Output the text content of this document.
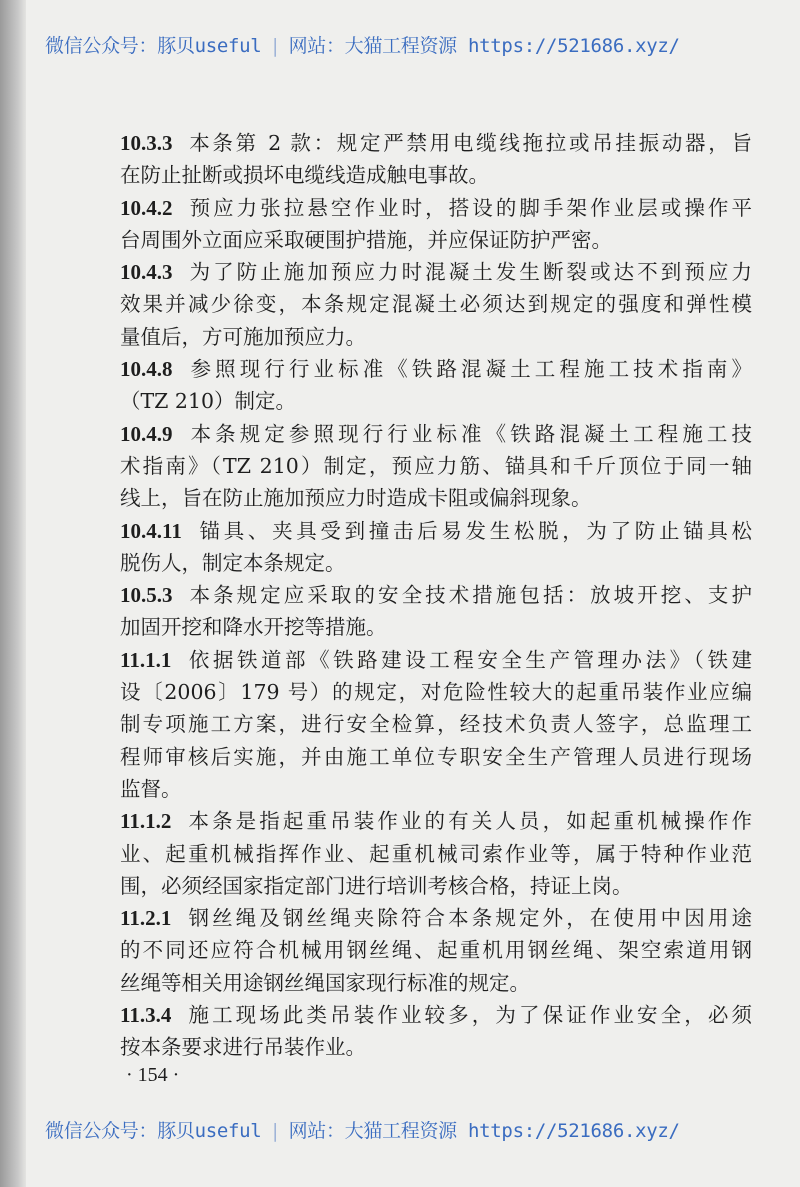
微信公众号：豚贝useful | 网站：大猫工程资源 https://521686.xyz/
10.3.3 本条第 2 款：规定严禁用电缆线拖拉或吊挂振动器，旨
在防止扯断或损坏电缆线造成触电事故。
10.4.2 预应力张拉悬空作业时，搭设的脚手架作业层或操作平
台周围外立面应采取硬围护措施，并应保证防护严密。
10.4.3 为了防止施加预应力时混凝土发生断裂或达不到预应力
效果并减少徐变，本条规定混凝土必须达到规定的强度和弹性模
量值后，方可施加预应力。
10.4.8 参照现行行业标准《铁路混凝土工程施工技术指南》
（TZ 210）制定。
10.4.9 本条规定参照现行行业标准《铁路混凝土工程施工技
术指南》（TZ 210）制定，预应力筋、锚具和千斤顶位于同一轴
线上，旨在防止施加预应力时造成卡阻或偏斜现象。
10.4.11 锚具、夹具受到撞击后易发生松脱，为了防止锚具松
脱伤人，制定本条规定。
10.5.3 本条规定应采取的安全技术措施包括：放坡开挖、支护
加固开挖和降水开挖等措施。
11.1.1 依据铁道部《铁路建设工程安全生产管理办法》（铁建
设〔2006〕179 号）的规定，对危险性较大的起重吊装作业应编
制专项施工方案，进行安全检算，经技术负责人签字，总监理工
程师审核后实施，并由施工单位专职安全生产管理人员进行现场
监督。
11.1.2 本条是指起重吊装作业的有关人员，如起重机械操作作
业、起重机械指挥作业、起重机械司索作业等，属于特种作业范
围，必须经国家指定部门进行培训考核合格，持证上岗。
11.2.1 钢丝绳及钢丝绳夹除符合本条规定外，在使用中因用途
的不同还应符合机械用钢丝绳、起重机用钢丝绳、架空索道用钢
丝绳等相关用途钢丝绳国家现行标准的规定。
11.3.4 施工现场此类吊装作业较多，为了保证作业安全，必须
按本条要求进行吊装作业。
· 154 ·
微信公众号：豚贝useful | 网站：大猫工程资源 https://521686.xyz/
